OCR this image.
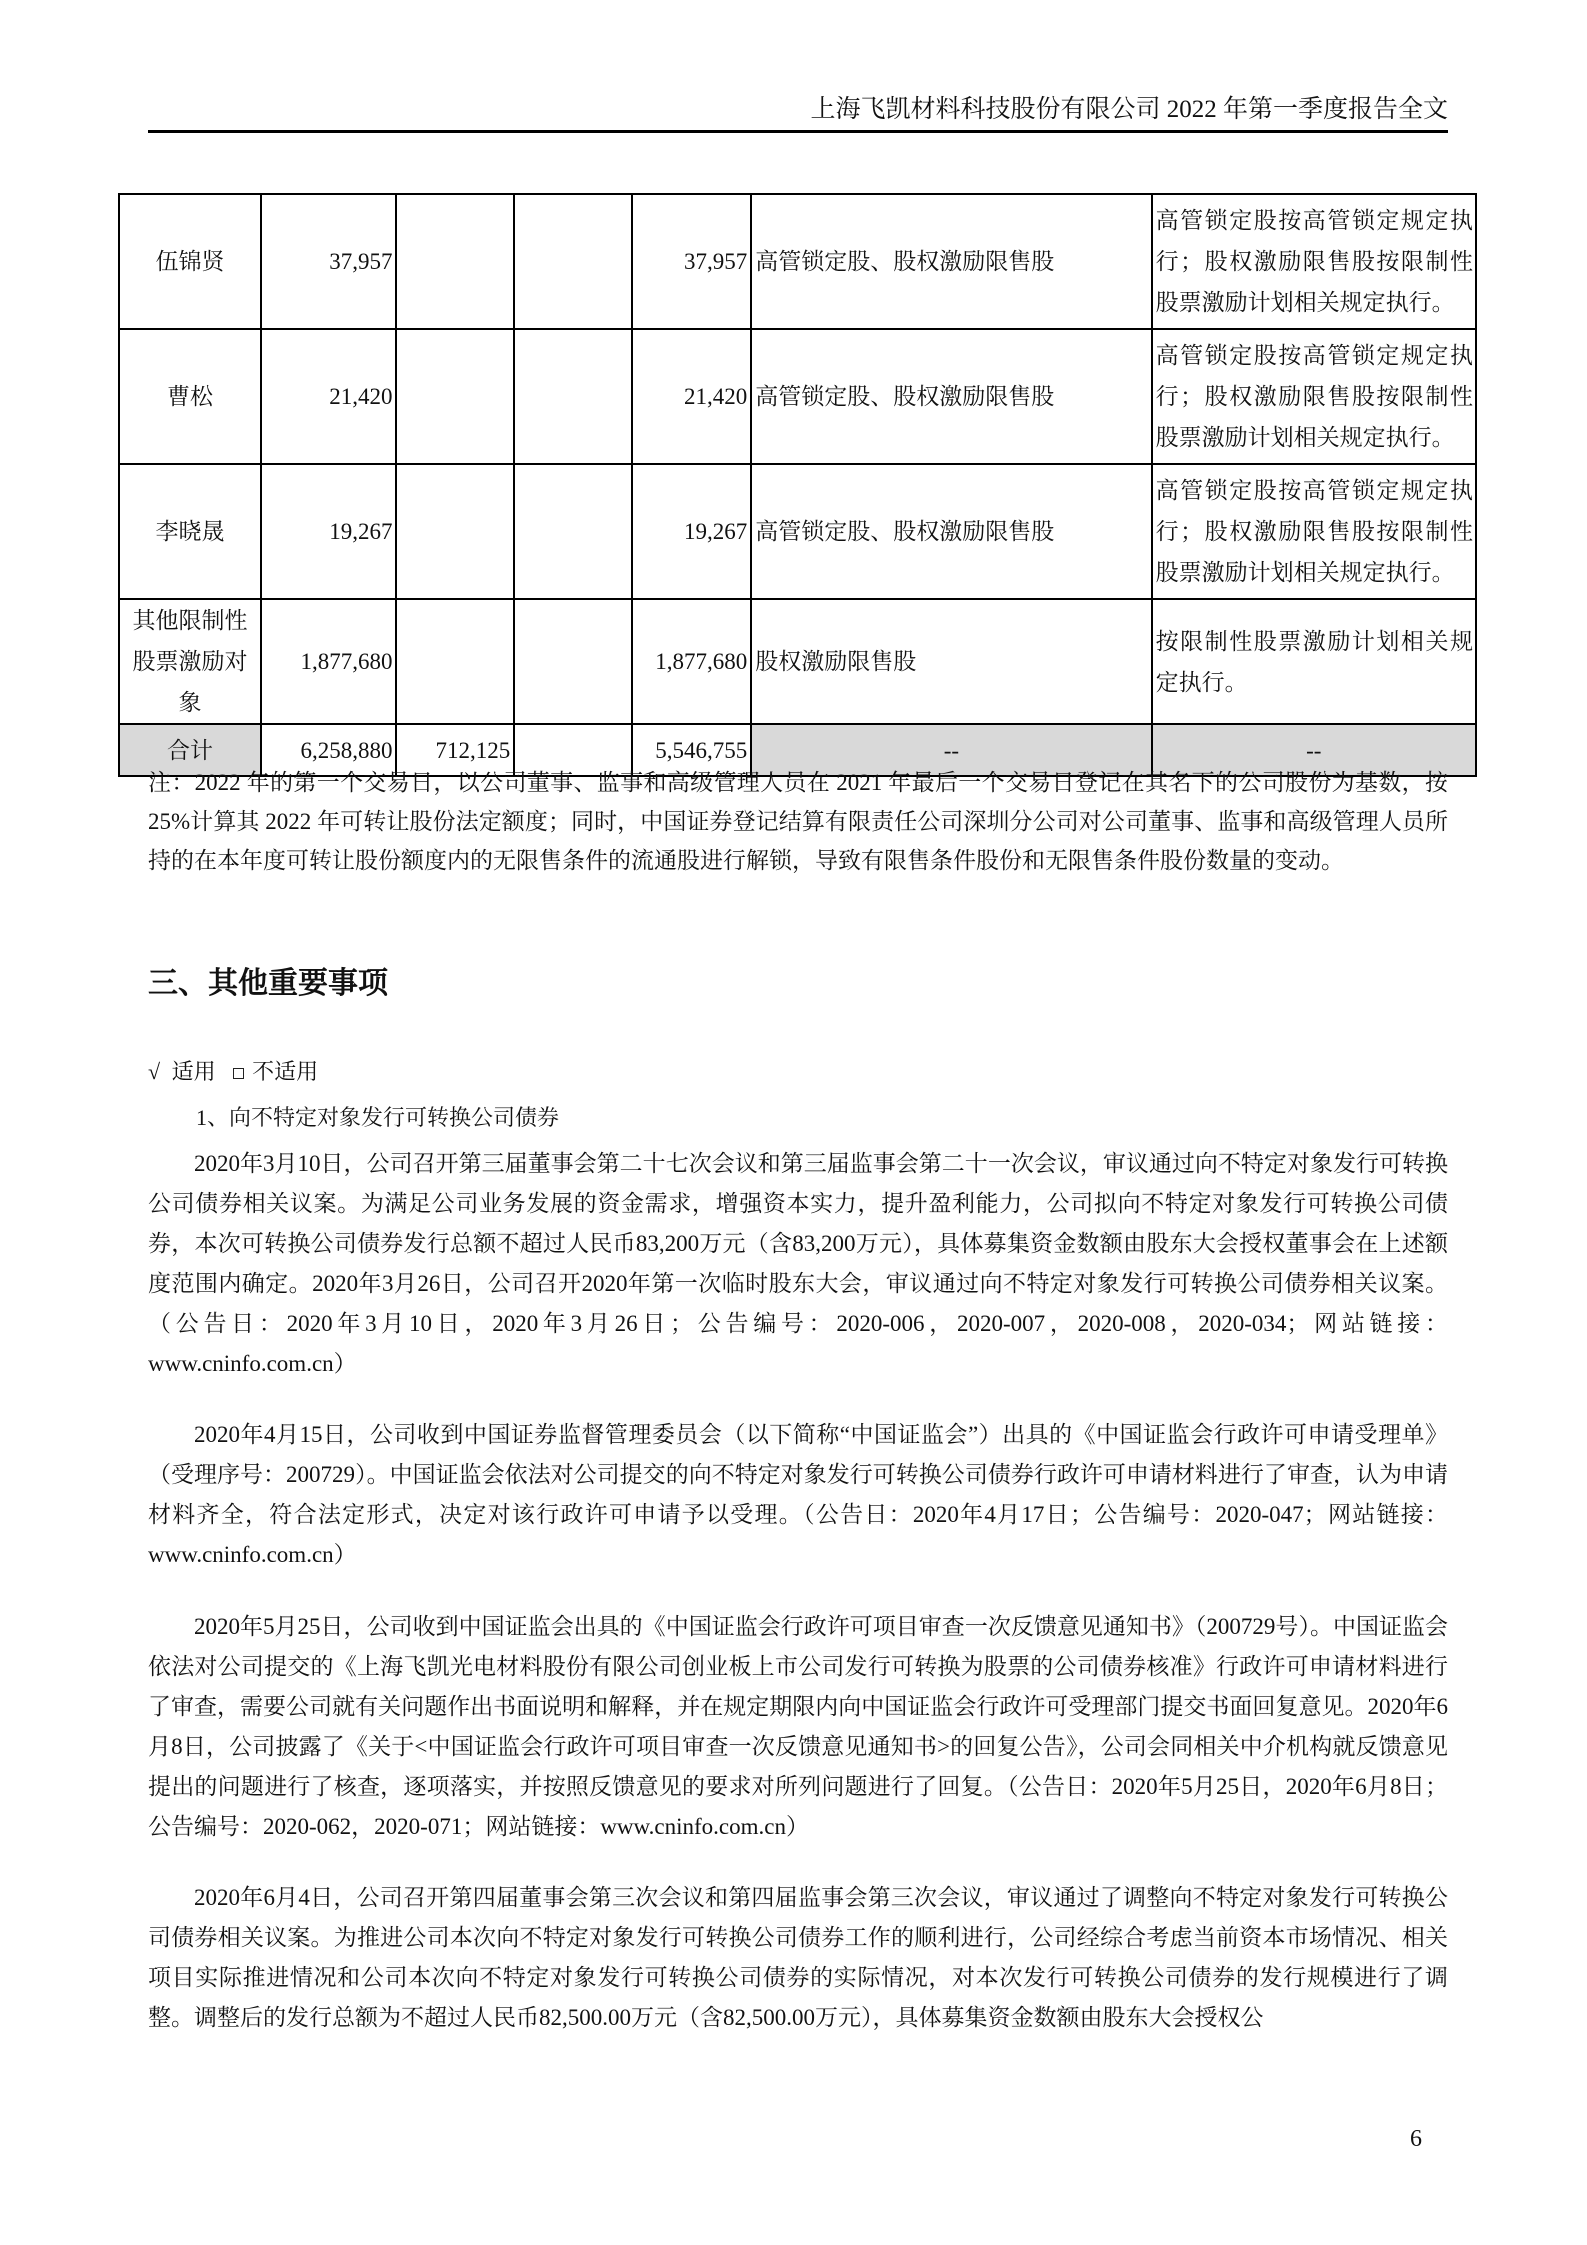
上海飞凯材料科技股份有限公司 2022 年第一季度报告全文
伍锦贤	37,957			37,957	高管锁定股、股权激励限售股	高管锁定股按高管锁定规定执行；股权激励限售股按限制性股票激励计划相关规定执行。
曹松	21,420			21,420	高管锁定股、股权激励限售股	高管锁定股按高管锁定规定执行；股权激励限售股按限制性股票激励计划相关规定执行。
李晓晟	19,267			19,267	高管锁定股、股权激励限售股	高管锁定股按高管锁定规定执行；股权激励限售股按限制性股票激励计划相关规定执行。
其他限制性股票激励对象	1,877,680			1,877,680	股权激励限售股	按限制性股票激励计划相关规定执行。
合计	6,258,880	712,125		5,546,755	--	--
注：2022 年的第一个交易日，以公司董事、监事和高级管理人员在 2021 年最后一个交易日登记在其名下的公司股份为基数，按 25%计算其 2022 年可转让股份法定额度；同时，中国证券登记结算有限责任公司深圳分公司对公司董事、监事和高级管理人员所持的在本年度可转让股份额度内的无限售条件的流通股进行解锁，导致有限售条件股份和无限售条件股份数量的变动。
三、其他重要事项
√ 适用 不适用
1、向不特定对象发行可转换公司债券
2020年3月10日，公司召开第三届董事会第二十七次会议和第三届监事会第二十一次会议，审议通过向不特定对象发行可转换公司债券相关议案。为满足公司业务发展的资金需求，增强资本实力，提升盈利能力，公司拟向不特定对象发行可转换公司债券，本次可转换公司债券发行总额不超过人民币83,200万元（含83,200万元），具体募集资金数额由股东大会授权董事会在上述额度范围内确定。2020年3月26日，公司召开2020年第一次临时股东大会，审议通过向不特定对象发行可转换公司债券相关议案。（公告日：2020年3月10日，2020年3月26日；公告编号：2020-006，2020-007，2020-008，2020-034；网站链接：www.cninfo.com.cn）
2020年4月15日，公司收到中国证券监督管理委员会（以下简称“中国证监会”）出具的《中国证监会行政许可申请受理单》（受理序号：200729）。中国证监会依法对公司提交的向不特定对象发行可转换公司债券行政许可申请材料进行了审查，认为申请材料齐全，符合法定形式，决定对该行政许可申请予以受理。（公告日：2020年4月17日；公告编号：2020-047；网站链接：www.cninfo.com.cn）
2020年5月25日，公司收到中国证监会出具的《中国证监会行政许可项目审查一次反馈意见通知书》（200729号）。中国证监会依法对公司提交的《上海飞凯光电材料股份有限公司创业板上市公司发行可转换为股票的公司债券核准》行政许可申请材料进行了审查，需要公司就有关问题作出书面说明和解释，并在规定期限内向中国证监会行政许可受理部门提交书面回复意见。2020年6月8日，公司披露了《关于<中国证监会行政许可项目审查一次反馈意见通知书>的回复公告》，公司会同相关中介机构就反馈意见提出的问题进行了核查，逐项落实，并按照反馈意见的要求对所列问题进行了回复。（公告日：2020年5月25日，2020年6月8日；公告编号：2020-062，2020-071；网站链接：www.cninfo.com.cn）
2020年6月4日，公司召开第四届董事会第三次会议和第四届监事会第三次会议，审议通过了调整向不特定对象发行可转换公司债券相关议案。为推进公司本次向不特定对象发行可转换公司债券工作的顺利进行，公司经综合考虑当前资本市场情况、相关项目实际推进情况和公司本次向不特定对象发行可转换公司债券的实际情况，对本次发行可转换公司债券的发行规模进行了调整。调整后的发行总额为不超过人民币82,500.00万元（含82,500.00万元），具体募集资金数额由股东大会授权公
6
